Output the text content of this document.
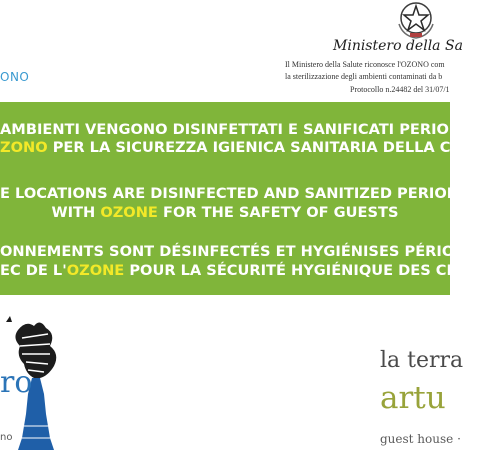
ONO
Ministero della Sa
Il Ministero della Salute riconosce l'OZONO com
la sterilizzazione degli ambienti contaminati da b
Protocollo n.24482 del 31/07/1
AMBIENTI VENGONO DISINFETTATI E SANIFICATI PERIODIC
ZONO PER LA SICUREZZA IGIENICA SANITARIA DELLA CLIE
E LOCATIONS ARE DISINFECTED AND SANITIZED PERIODIC
WITH OZONE FOR THE SAFETY OF GUESTS
ONNEMENTS SONT DÉSINFECTÉS ET HYGIÉNISES PÉRIODI
EC DE L'OZONE POUR LA SÉCURITÉ HYGIÉNIQUE DES CLIEN
ro
no
la terra
artu
guest house ·
